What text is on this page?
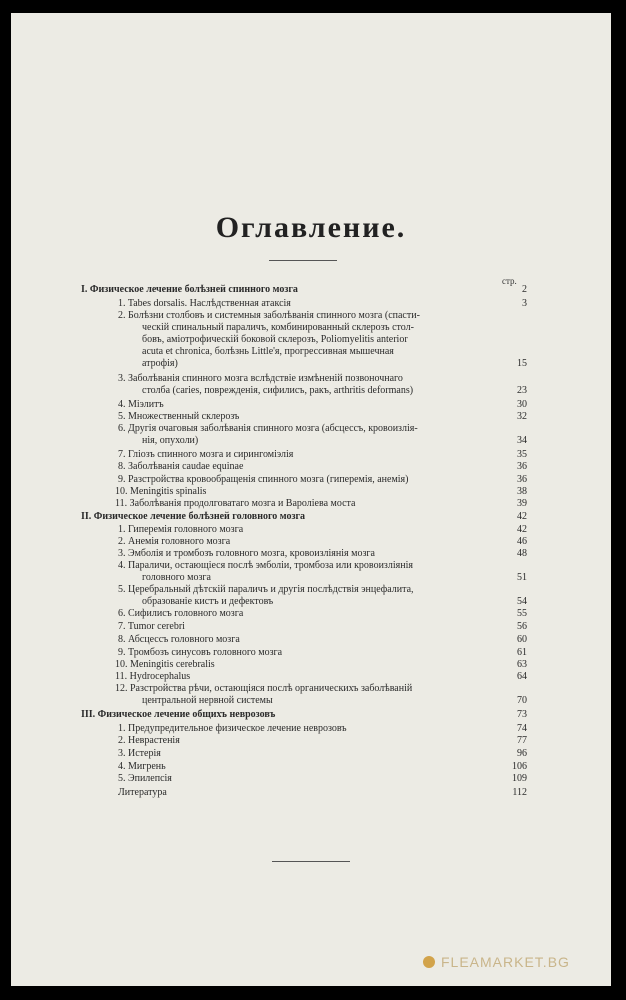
Оглавление.
стр.
I. Физическое лечение болѣзней спинного мозга	2
1. Tabes dorsalis. Наслѣдственная атаксія	3
2. Болѣзни столбовъ и системныя заболѣванія спинного мозга (спасти-
ческій спинальный параличъ, комбинированный склерозъ стол-
бовъ, аміотрофическій боковой склерозъ, Poliomyelitis anterior
acuta et chronica, болѣзнь Little'я, прогрессивная мышечная
атрофія)	15
3. Заболѣванія спинного мозга вслѣдствіе измѣненій позвоночнаго
столба (caries, поврежденія, сифилисъ, ракъ, arthritis deformans)	23
4. Міэлитъ	30
5. Множественный склерозъ	32
6. Другія очаговыя заболѣванія спинного мозга (абсцессъ, кровоизлія-
нія, опухоли)	34
7. Гліозъ спинного мозга и сирингоміэлія	35
8. Заболѣванія caudae equinae	36
9. Разстройства кровообращенія спинного мозга (гиперемія, анемія)	36
10. Meningitis spinalis	38
11. Заболѣванія продолговатаго мозга и Варолiева моста	39
II. Физическое лечение болѣзней головного мозга	42
1. Гиперемія головного мозга	42
2. Анемія головного мозга	46
3. Эмболія и тромбозъ головного мозга, кровоизліянія мозга	48
4. Параличи, остающіеся послѣ эмболіи, тромбоза или кровоизліянія
головного мозга	51
5. Церебральный дѣтскій параличъ и другія послѣдствія энцефалита,
образованіе кистъ и дефектовъ	54
6. Сифилисъ головного мозга	55
7. Tumor cerebri	56
8. Абсцессъ головного мозга	60
9. Тромбозъ синусовъ головного мозга	61
10. Meningitis cerebralis	63
11. Hydrocephalus	64
12. Разстройства рѣчи, остающіяся послѣ органическихъ заболѣваній
центральной нервной системы	70
III. Физическое лечение общихъ неврозовъ	73
1. Предупредительное физическое лечение неврозовъ	74
2. Неврастенія	77
3. Истерія	96
4. Мигрень	106
5. Эпилепсія	109
Литература	112
FLEAMARKET.BG
